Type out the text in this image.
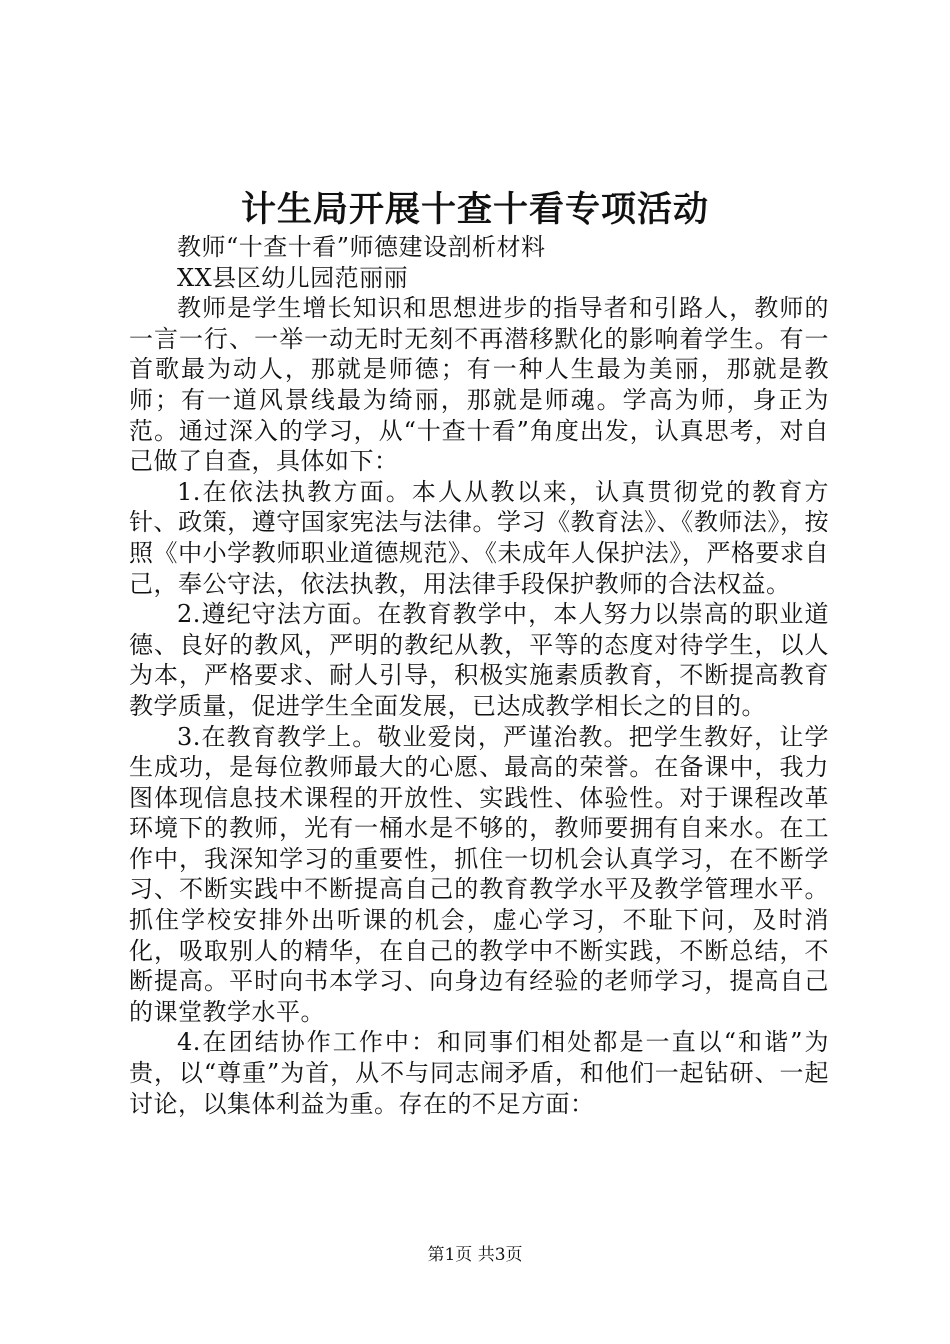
计生局开展十查十看专项活动

教师“十查十看”师德建设剖析材料

XX县区幼儿园范丽丽

教师是学生增长知识和思想进步的指导者和引路人，教师的一言一行、一举一动无时无刻不再潜移默化的影响着学生。有一首歌最为动人，那就是师德；有一种人生最为美丽，那就是教师；有一道风景线最为绮丽，那就是师魂。学高为师，身正为范。通过深入的学习，从“十查十看”角度出发，认真思考，对自己做了自查，具体如下：

1.在依法执教方面。本人从教以来，认真贯彻党的教育方针、政策，遵守国家宪法与法律。学习《教育法》、《教师法》，按照《中小学教师职业道德规范》、《未成年人保护法》，严格要求自己，奉公守法，依法执教，用法律手段保护教师的合法权益。

2.遵纪守法方面。在教育教学中，本人努力以崇高的职业道德、良好的教风，严明的教纪从教，平等的态度对待学生，以人为本，严格要求、耐人引导，积极实施素质教育，不断提高教育教学质量，促进学生全面发展，已达成教学相长之的目的。

3.在教育教学上。敬业爱岗，严谨治教。把学生教好，让学生成功，是每位教师最大的心愿、最高的荣誉。在备课中，我力图体现信息技术课程的开放性、实践性、体验性。对于课程改革环境下的教师，光有一桶水是不够的，教师要拥有自来水。在工作中，我深知学习的重要性，抓住一切机会认真学习，在不断学习、不断实践中不断提高自己的教育教学水平及教学管理水平。抓住学校安排外出听课的机会，虚心学习，不耻下问，及时消化，吸取别人的精华，在自己的教学中不断实践，不断总结，不断提高。平时向书本学习、向身边有经验的老师学习，提高自己的课堂教学水平。

4.在团结协作工作中：和同事们相处都是一直以“和谐”为贵，以“尊重”为首，从不与同志闹矛盾，和他们一起钻研、一起讨论，以集体利益为重。存在的不足方面：

第1页 共3页
